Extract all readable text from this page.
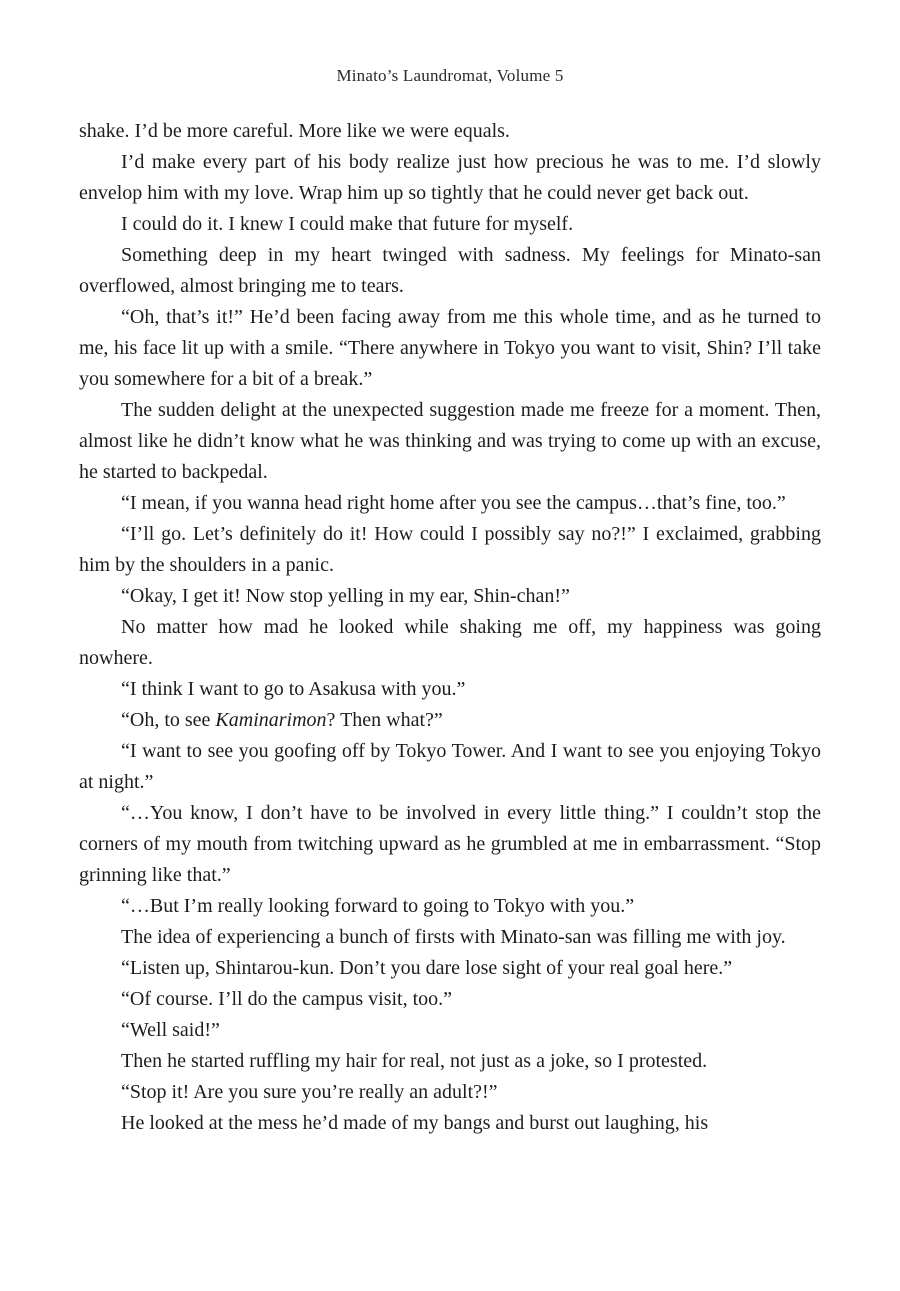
Minato’s Laundromat, Volume 5

shake. I’d be more careful. More like we were equals.

I’d make every part of his body realize just how precious he was to me. I’d slowly envelop him with my love. Wrap him up so tightly that he could never get back out.

I could do it. I knew I could make that future for myself.

Something deep in my heart twinged with sadness. My feelings for Minato-san overflowed, almost bringing me to tears.

“Oh, that’s it!” He’d been facing away from me this whole time, and as he turned to me, his face lit up with a smile. “There anywhere in Tokyo you want to visit, Shin? I’ll take you somewhere for a bit of a break.”

The sudden delight at the unexpected suggestion made me freeze for a moment. Then, almost like he didn’t know what he was thinking and was trying to come up with an excuse, he started to backpedal.

“I mean, if you wanna head right home after you see the campus…that’s fine, too.”

“I’ll go. Let’s definitely do it! How could I possibly say no?!” I exclaimed, grabbing him by the shoulders in a panic.

“Okay, I get it! Now stop yelling in my ear, Shin-chan!”

No matter how mad he looked while shaking me off, my happiness was going nowhere.

“I think I want to go to Asakusa with you.”

“Oh, to see Kaminarimon? Then what?”

“I want to see you goofing off by Tokyo Tower. And I want to see you enjoying Tokyo at night.”

“…You know, I don’t have to be involved in every little thing.” I couldn’t stop the corners of my mouth from twitching upward as he grumbled at me in embarrassment. “Stop grinning like that.”

“…But I’m really looking forward to going to Tokyo with you.”

The idea of experiencing a bunch of firsts with Minato-san was filling me with joy.

“Listen up, Shintarou-kun. Don’t you dare lose sight of your real goal here.”

“Of course. I’ll do the campus visit, too.”

“Well said!”

Then he started ruffling my hair for real, not just as a joke, so I protested.

“Stop it! Are you sure you’re really an adult?!”

He looked at the mess he’d made of my bangs and burst out laughing, his
